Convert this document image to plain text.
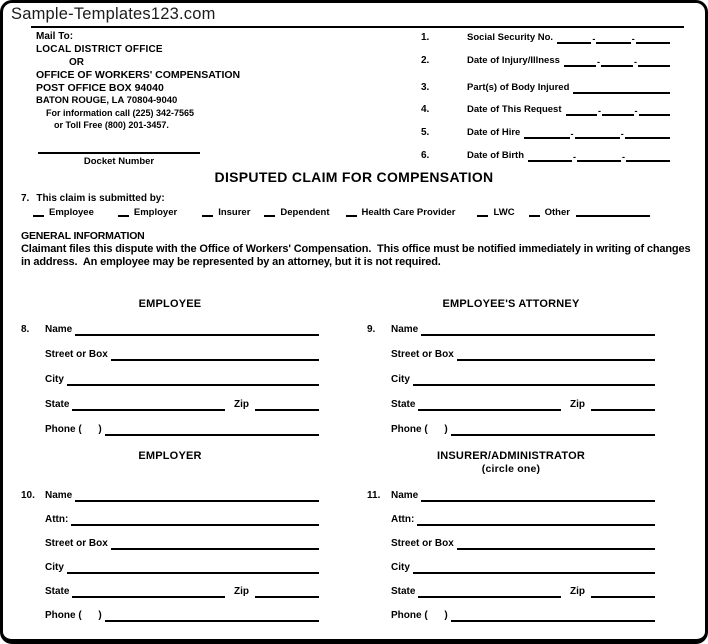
Sample-Templates123.com
Mail To:
LOCAL DISTRICT OFFICE
OR
OFFICE OF WORKERS' COMPENSATION
POST OFFICE BOX 94040
BATON ROUGE, LA 70804-9040
For information call (225) 342-7565
or Toll Free (800) 201-3457.
Docket Number
1.	Social Security No.	-	-
2.	Date of Injury/Illness	-	-
3.	Part(s) of Body Injured
4.	Date of This Request	-	-
5.	Date of Hire	-	-
6.	Date of Birth	-	-
DISPUTED CLAIM FOR COMPENSATION
7. This claim is submitted by:
Employee	Employer	Insurer	Dependent	Health Care Provider	LWC	Other
GENERAL INFORMATION
Claimant files this dispute with the Office of Workers' Compensation.  This office must be notified immediately in writing of changes in address.  An employee may be represented by an attorney, but it is not required.
EMPLOYEE
8.	Name
Street or Box
City
State	Zip
Phone (      )
EMPLOYEE'S ATTORNEY
9.	Name
Street or Box
City
State	Zip
Phone (      )
EMPLOYER
10.	Name
Attn:
Street or Box
City
State	Zip
Phone (      )
INSURER/ADMINISTRATOR
(circle one)
11.	Name
Attn:
Street or Box
City
State	Zip
Phone (      )
